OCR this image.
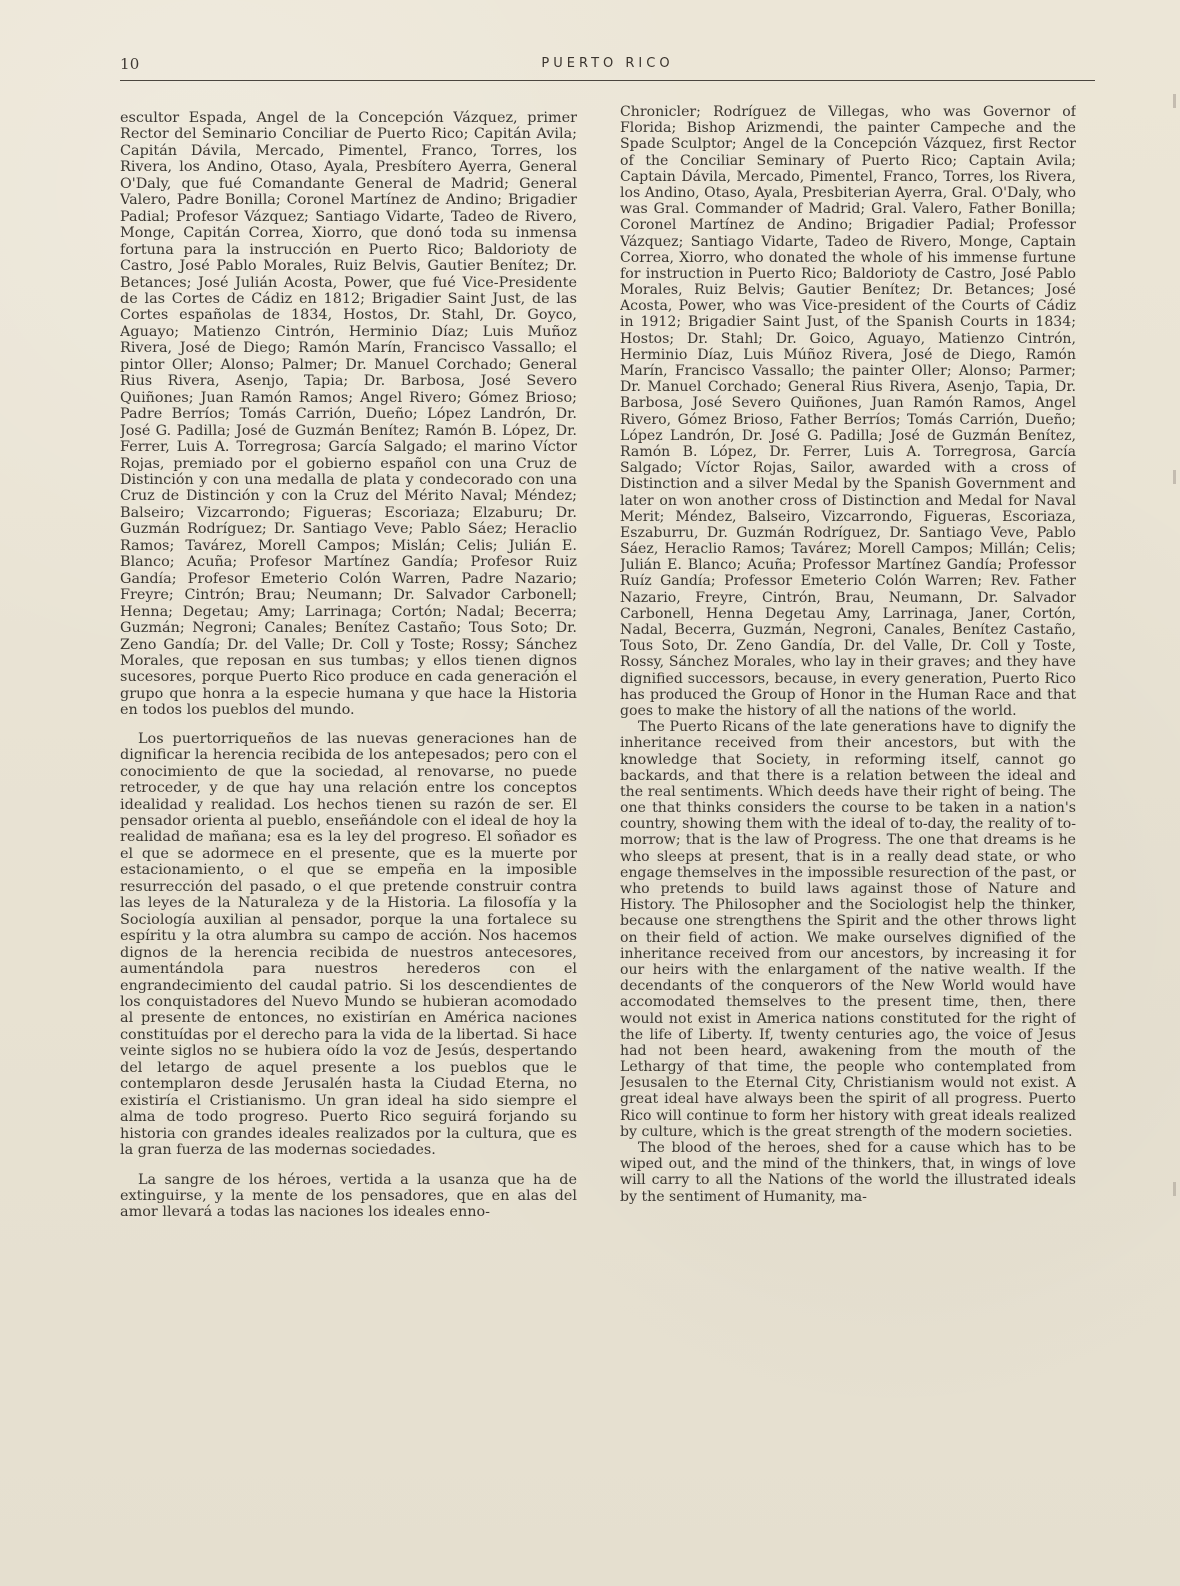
10	PUERTO RICO

escultor Espada, Angel de la Concepción Vázquez, primer Rector del Seminario Conciliar de Puerto Rico; Capitán Avila; Capitán Dávila, Mercado, Pimentel, Franco, Torres, los Rivera, los Andino, Otaso, Ayala, Presbítero Ayerra, General O'Daly, que fué Comandante General de Madrid; General Valero, Padre Bonilla; Coronel Martínez de Andino; Brigadier Padial; Profesor Vázquez; Santiago Vidarte, Tadeo de Rivero, Monge, Capitán Correa, Xiorro, que donó toda su inmensa fortuna para la instrucción en Puerto Rico; Baldorioty de Castro, José Pablo Morales, Ruiz Belvis, Gautier Benítez; Dr. Betances; José Julián Acosta, Power, que fué Vice-Presidente de las Cortes de Cádiz en 1812; Brigadier Saint Just, de las Cortes españolas de 1834, Hostos, Dr. Stahl, Dr. Goyco, Aguayo; Matienzo Cintrón, Herminio Díaz; Luis Muñoz Rivera, José de Diego; Ramón Marín, Francisco Vassallo; el pintor Oller; Alonso; Palmer; Dr. Manuel Corchado; General Rius Rivera, Asenjo, Tapia; Dr. Barbosa, José Severo Quiñones; Juan Ramón Ramos; Angel Rivero; Gómez Brioso; Padre Berríos; Tomás Carrión, Dueño; López Landrón, Dr. José G. Padilla; José de Guzmán Benítez; Ramón B. López, Dr. Ferrer, Luis A. Torregrosa; García Salgado; el marino Víctor Rojas, premiado por el gobierno español con una Cruz de Distinción y con una medalla de plata y condecorado con una Cruz de Distinción y con la Cruz del Mérito Naval; Méndez; Balseiro; Vizcarrondo; Figueras; Escoriaza; Elzaburu; Dr. Guzmán Rodríguez; Dr. Santiago Veve; Pablo Sáez; Heraclio Ramos; Tavárez, Morell Campos; Mislán; Celis; Julián E. Blanco; Acuña; Profesor Martínez Gandía; Profesor Ruiz Gandía; Profesor Emeterio Colón Warren, Padre Nazario; Freyre; Cintrón; Brau; Neumann; Dr. Salvador Carbonell; Henna; Degetau; Amy; Larrinaga; Cortón; Nadal; Becerra; Guzmán; Negroni; Canales; Benítez Castaño; Tous Soto; Dr. Zeno Gandía; Dr. del Valle; Dr. Coll y Toste; Rossy; Sánchez Morales, que reposan en sus tumbas; y ellos tienen dignos sucesores, porque Puerto Rico produce en cada generación el grupo que honra a la especie humana y que hace la Historia en todos los pueblos del mundo.

Los puertorriqueños de las nuevas generaciones han de dignificar la herencia recibida de los antepesados; pero con el conocimiento de que la sociedad, al renovarse, no puede retroceder, y de que hay una relación entre los conceptos idealidad y realidad. Los hechos tienen su razón de ser. El pensador orienta al pueblo, enseñándole con el ideal de hoy la realidad de mañana; esa es la ley del progreso. El soñador es el que se adormece en el presente, que es la muerte por estacionamiento, o el que se empeña en la imposible resurrección del pasado, o el que pretende construir contra las leyes de la Naturaleza y de la Historia. La filosofía y la Sociología auxilian al pensador, porque la una fortalece su espíritu y la otra alumbra su campo de acción. Nos hacemos dignos de la herencia recibida de nuestros antecesores, aumentándola para nuestros herederos con el engrandecimiento del caudal patrio. Si los descendientes de los conquistadores del Nuevo Mundo se hubieran acomodado al presente de entonces, no existirían en América naciones constituídas por el derecho para la vida de la libertad. Si hace veinte siglos no se hubiera oído la voz de Jesús, despertando del letargo de aquel presente a los pueblos que le contemplaron desde Jerusalén hasta la Ciudad Eterna, no existiría el Cristianismo. Un gran ideal ha sido siempre el alma de todo progreso. Puerto Rico seguirá forjando su historia con grandes ideales realizados por la cultura, que es la gran fuerza de las modernas sociedades.

La sangre de los héroes, vertida a la usanza que ha de extinguirse, y la mente de los pensadores, que en alas del amor llevará a todas las naciones los ideales enno-

Chronicler; Rodríguez de Villegas, who was Governor of Florida; Bishop Arizmendi, the painter Campeche and the Spade Sculptor; Angel de la Concepción Vázquez, first Rector of the Conciliar Seminary of Puerto Rico; Captain Avila; Captain Dávila, Mercado, Pimentel, Franco, Torres, los Rivera, los Andino, Otaso, Ayala, Presbiterian Ayerra, Gral. O'Daly, who was Gral. Commander of Madrid; Gral. Valero, Father Bonilla; Coronel Martínez de Andino; Brigadier Padial; Professor Vázquez; Santiago Vidarte, Tadeo de Rivero, Monge, Captain Correa, Xiorro, who donated the whole of his immense furtune for instruction in Puerto Rico; Baldorioty de Castro, José Pablo Morales, Ruiz Belvis; Gautier Benítez; Dr. Betances; José Acosta, Power, who was Vice-president of the Courts of Cádiz in 1912; Brigadier Saint Just, of the Spanish Courts in 1834; Hostos; Dr. Stahl; Dr. Goico, Aguayo, Matienzo Cintrón, Herminio Díaz, Luis Múñoz Rivera, José de Diego, Ramón Marín, Francisco Vassallo; the painter Oller; Alonso; Parmer; Dr. Manuel Corchado; General Rius Rivera, Asenjo, Tapia, Dr. Barbosa, José Severo Quiñones, Juan Ramón Ramos, Angel Rivero, Gómez Brioso, Father Berríos; Tomás Carrión, Dueño; López Landrón, Dr. José G. Padilla; José de Guzmán Benítez, Ramón B. López, Dr. Ferrer, Luis A. Torregrosa, García Salgado; Víctor Rojas, Sailor, awarded with a cross of Distinction and a silver Medal by the Spanish Government and later on won another cross of Distinction and Medal for Naval Merit; Méndez, Balseiro, Vizcarrondo, Figueras, Escoriaza, Eszaburru, Dr. Guzmán Rodríguez, Dr. Santiago Veve, Pablo Sáez, Heraclio Ramos; Tavárez; Morell Campos; Millán; Celis; Julián E. Blanco; Acuña; Professor Martínez Gandía; Professor Ruíz Gandía; Professor Emeterio Colón Warren; Rev. Father Nazario, Freyre, Cintrón, Brau, Neumann, Dr. Salvador Carbonell, Henna Degetau Amy, Larrinaga, Janer, Cortón, Nadal, Becerra, Guzmán, Negroni, Canales, Benítez Castaño, Tous Soto, Dr. Zeno Gandía, Dr. del Valle, Dr. Coll y Toste, Rossy, Sánchez Morales, who lay in their graves; and they have dignified successors, because, in every generation, Puerto Rico has produced the Group of Honor in the Human Race and that goes to make the history of all the nations of the world.

The Puerto Ricans of the late generations have to dignify the inheritance received from their ancestors, but with the knowledge that Society, in reforming itself, cannot go backards, and that there is a relation between the ideal and the real sentiments. Which deeds have their right of being. The one that thinks considers the course to be taken in a nation's country, showing them with the ideal of to-day, the reality of to-morrow; that is the law of Progress. The one that dreams is he who sleeps at present, that is in a really dead state, or who engage themselves in the impossible resurection of the past, or who pretends to build laws against those of Nature and History. The Philosopher and the Sociologist help the thinker, because one strengthens the Spirit and the other throws light on their field of action. We make ourselves dignified of the inheritance received from our ancestors, by increasing it for our heirs with the enlargament of the native wealth. If the decendants of the conquerors of the New World would have accomodated themselves to the present time, then, there would not exist in America nations constituted for the right of the life of Liberty. If, twenty centuries ago, the voice of Jesus had not been heard, awakening from the mouth of the Lethargy of that time, the people who contemplated from Jesusalen to the Eternal City, Christianism would not exist. A great ideal have always been the spirit of all progress. Puerto Rico will continue to form her history with great ideals realized by culture, which is the great strength of the modern societies.

The blood of the heroes, shed for a cause which has to be wiped out, and the mind of the thinkers, that, in wings of love will carry to all the Nations of the world the illustrated ideals by the sentiment of Humanity, ma-
